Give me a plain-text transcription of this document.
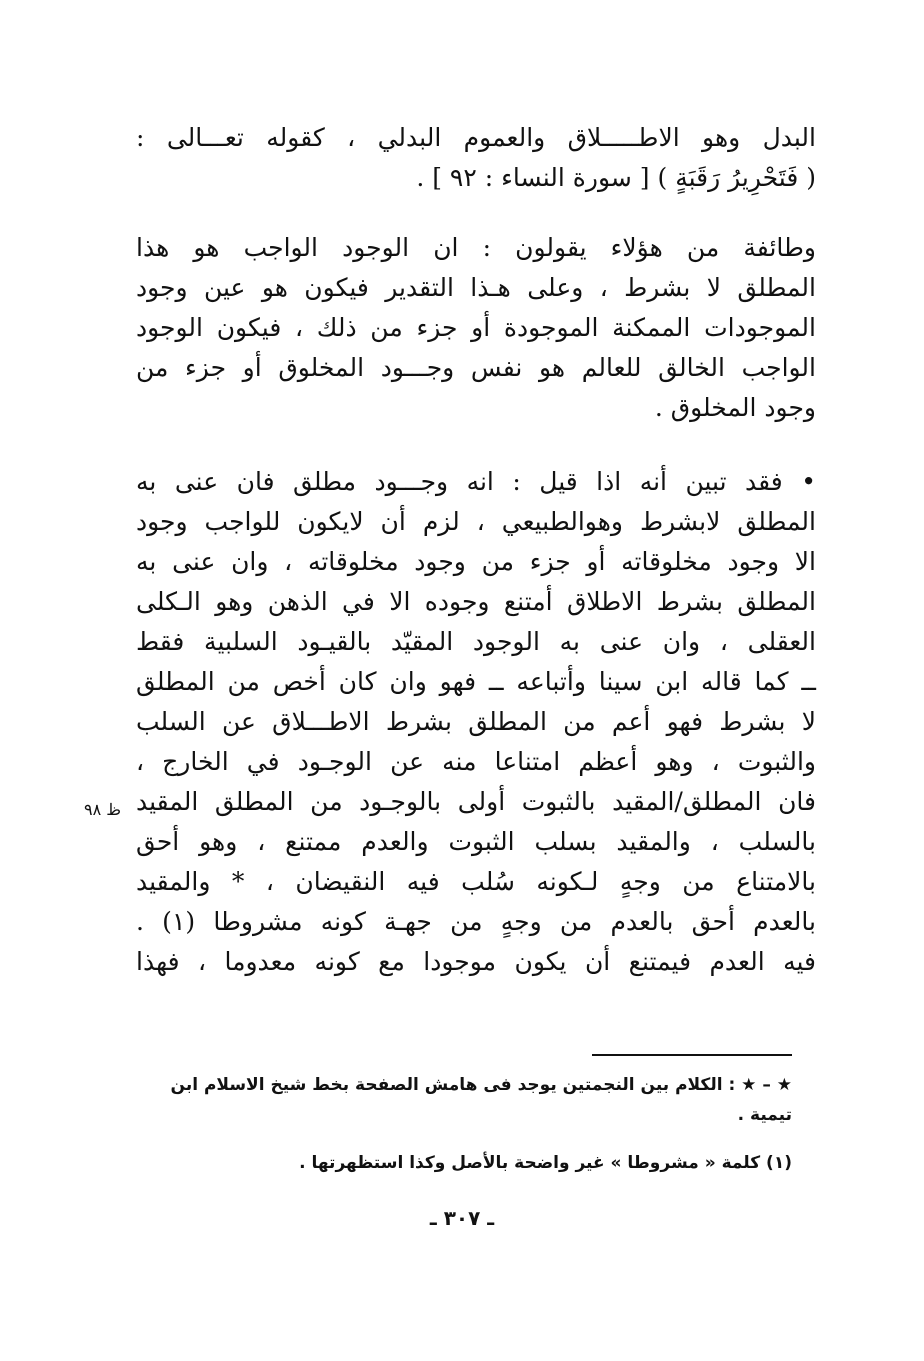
البدل وهو الاطـــــلاق والعموم البدلي ، كقوله تعـــالى :
( فَتَحْرِيرُ رَقَبَةٍ ) [ سورة النساء : ٩٢ ] .
وطائفة من هؤلاء يقولون : ان الوجود الواجب هو هذا
المطلق لا بشرط ، وعلى هـذا التقدير فيكون هو عين وجود
الموجودات الممكنة الموجودة أو جزء من ذلك ، فيكون الوجود
الواجب الخالق للعالم هو نفس وجـــود المخلوق أو جزء من
وجود المخلوق .
• فقد تبين أنه اذا قيل : انه وجـــود مطلق فان عنى به
المطلق لابشرط وهوالطبيعي ، لزم أن لايكون للواجب وجود
الا وجود مخلوقاته أو جزء من وجود مخلوقاته ، وان عنى به
المطلق بشرط الاطلاق أمتنع وجوده الا في الذهن وهو الـكلى
العقلى ، وان عنى به الوجود المقيّد بالقيـود السلبية فقط
ــ كما قاله ابن سينا وأتباعه ــ فهو وان كان أخص من المطلق
لا بشرط فهو أعم من المطلق بشرط الاطـــلاق عن السلب
والثبوت ، وهو أعظم امتناعا منه عن الوجـود في الخارج ،
فان المطلق/المقيد بالثبوت أولى بالوجـود من المطلق المقيد
بالسلب ، والمقيد بسلب الثبوت والعدم ممتنع ، وهو أحق
بالامتناع من وجهٍ لـكونه سُلب فيه النقيضان ، * والمقيد
بالعدم أحق بالعدم من وجهٍ من جهـة كونه مشروطا (١) .
فيه العدم فيمتنع أن يكون موجودا مع كونه معدوما ، فهذا
ظ ٩٨
★ – ★ : الكلام بين النجمتين يوجد فى هامش الصفحة بخط شيخ الاسلام ابن تيمية .
(١) كلمة « مشروطا » غير واضحة بالأصل وكذا استظهرتها .
ـ ٣٠٧ ـ
